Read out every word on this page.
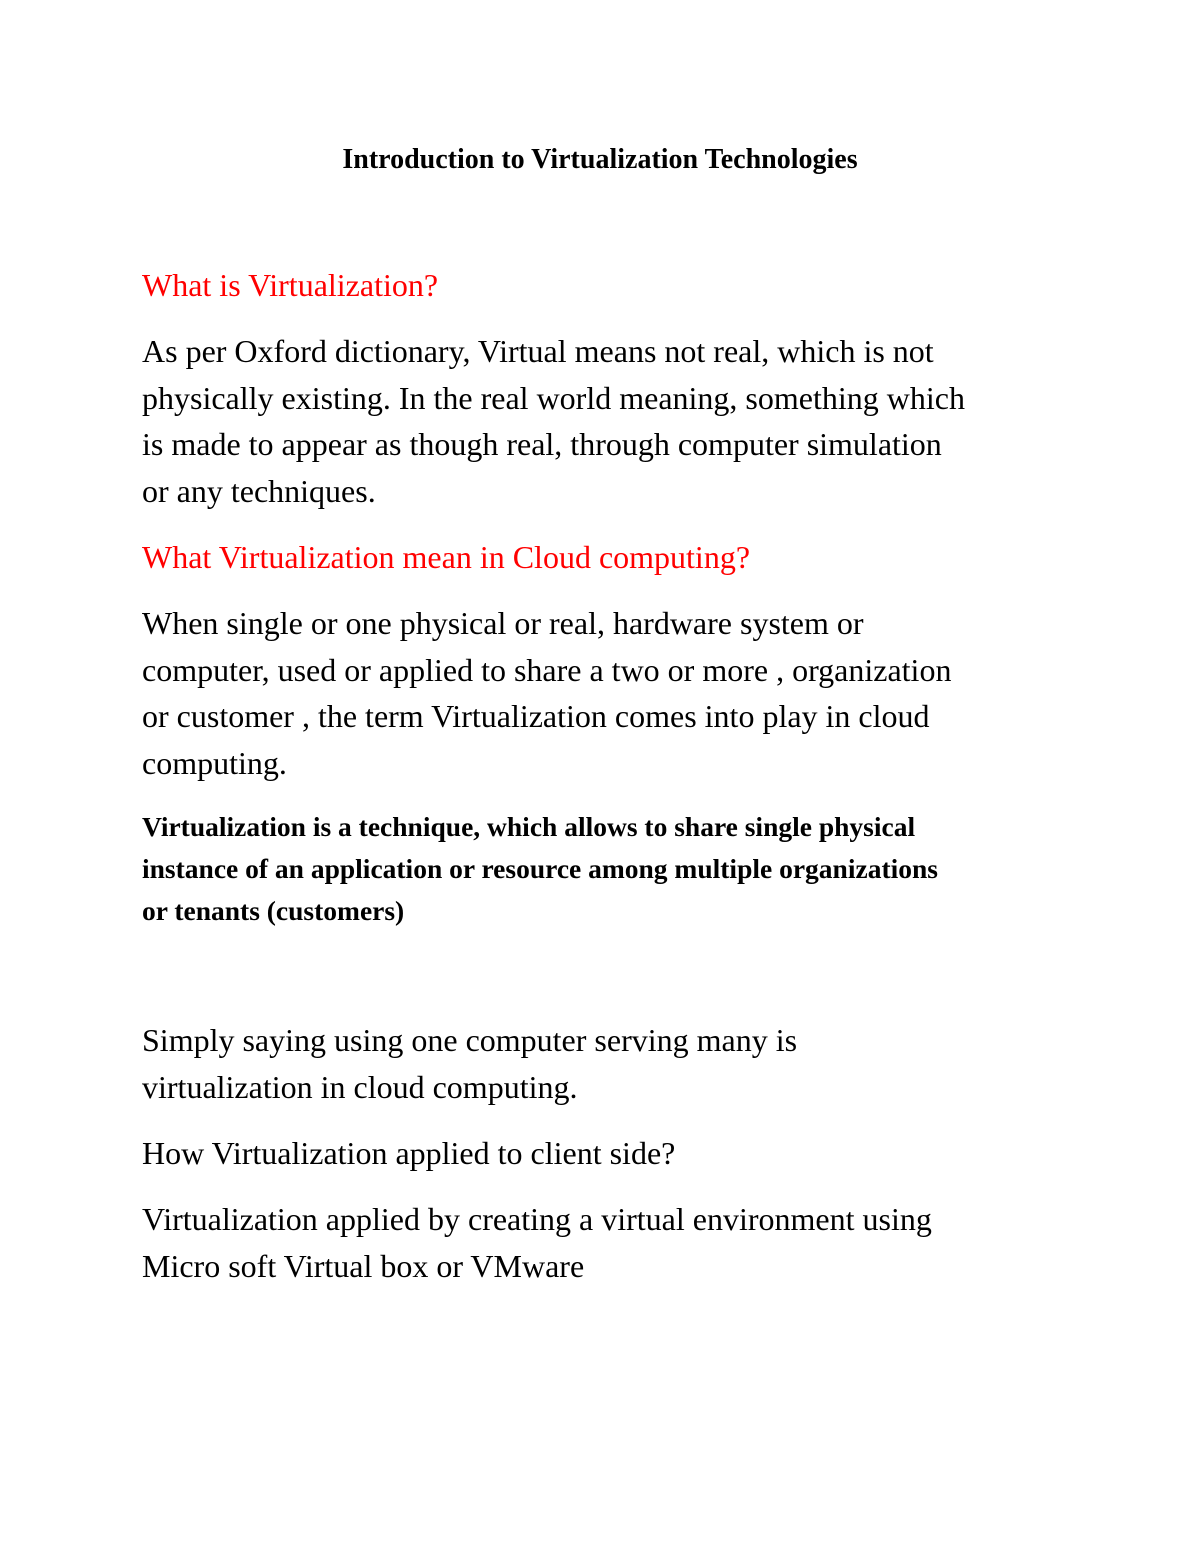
Introduction to Virtualization Technologies
What is Virtualization?

As per Oxford dictionary, Virtual means not real, which is not
physically existing. In the real world meaning, something which
is made to appear as though real, through computer simulation
or any techniques.

What Virtualization mean in Cloud computing?

When single or one physical or real, hardware system or
computer, used or applied to share a two or more , organization
or customer , the term Virtualization comes into play in cloud
computing.

Virtualization is a technique, which allows to share single physical
instance of an application or resource among multiple organizations
or tenants (customers)

Simply saying using one computer serving many is
virtualization in cloud computing.

How Virtualization applied to client side?

Virtualization applied by creating a virtual environment using
Micro soft Virtual box or VMware
